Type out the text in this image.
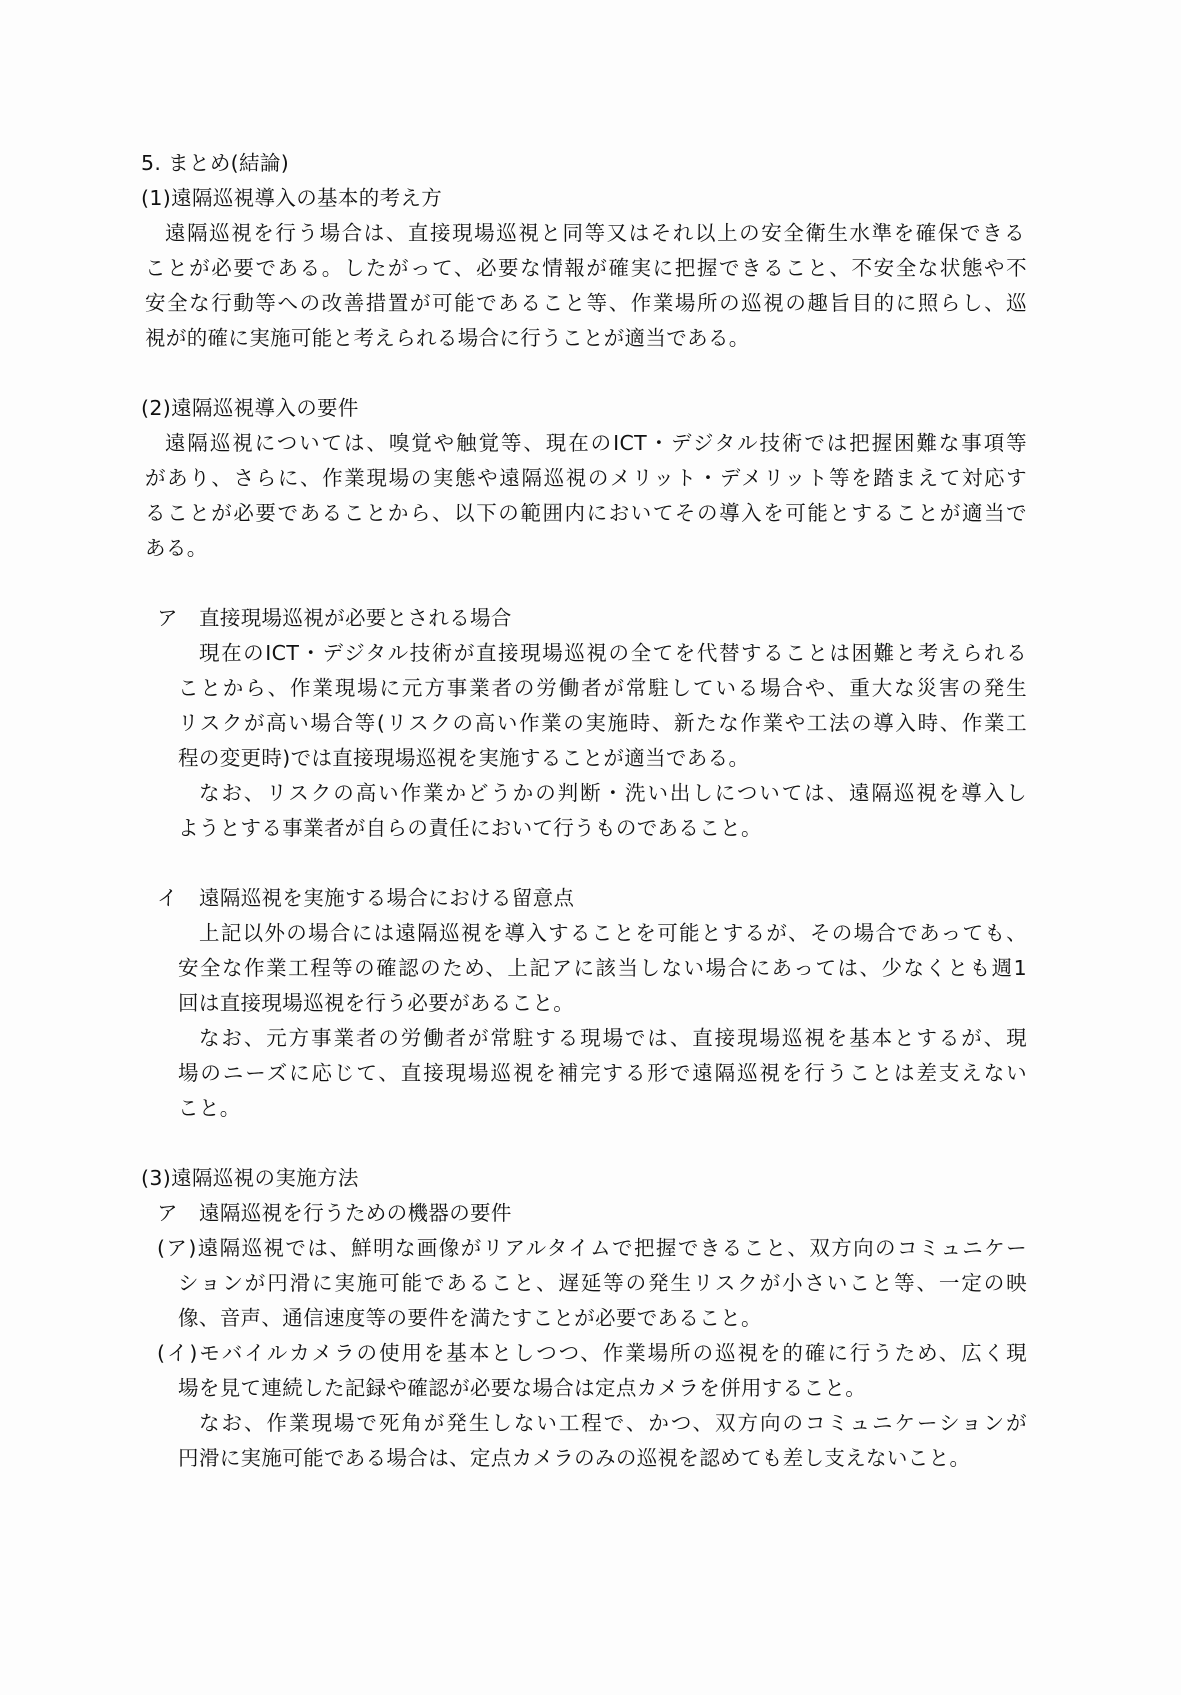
5. まとめ(結論)
(1)遠隔巡視導入の基本的考え方
遠隔巡視を行う場合は、直接現場巡視と同等又はそれ以上の安全衛生水準を確保できる
ことが必要である。したがって、必要な情報が確実に把握できること、不安全な状態や不
安全な行動等への改善措置が可能であること等、作業場所の巡視の趣旨目的に照らし、巡
視が的確に実施可能と考えられる場合に行うことが適当である。
(2)遠隔巡視導入の要件
遠隔巡視については、嗅覚や触覚等、現在のICT・デジタル技術では把握困難な事項等
があり、さらに、作業現場の実態や遠隔巡視のメリット・デメリット等を踏まえて対応す
ることが必要であることから、以下の範囲内においてその導入を可能とすることが適当で
ある。
ア 直接現場巡視が必要とされる場合
現在のICT・デジタル技術が直接現場巡視の全てを代替することは困難と考えられる
ことから、作業現場に元方事業者の労働者が常駐している場合や、重大な災害の発生
リスクが高い場合等(リスクの高い作業の実施時、新たな作業や工法の導入時、作業工
程の変更時)では直接現場巡視を実施することが適当である。
なお、リスクの高い作業かどうかの判断・洗い出しについては、遠隔巡視を導入し
ようとする事業者が自らの責任において行うものであること。
イ 遠隔巡視を実施する場合における留意点
上記以外の場合には遠隔巡視を導入することを可能とするが、その場合であっても、
安全な作業工程等の確認のため、上記アに該当しない場合にあっては、少なくとも週1
回は直接現場巡視を行う必要があること。
なお、元方事業者の労働者が常駐する現場では、直接現場巡視を基本とするが、現
場のニーズに応じて、直接現場巡視を補完する形で遠隔巡視を行うことは差支えない
こと。
(3)遠隔巡視の実施方法
ア 遠隔巡視を行うための機器の要件
(ア)遠隔巡視では、鮮明な画像がリアルタイムで把握できること、双方向のコミュニケー
ションが円滑に実施可能であること、遅延等の発生リスクが小さいこと等、一定の映
像、音声、通信速度等の要件を満たすことが必要であること。
(イ)モバイルカメラの使用を基本としつつ、作業場所の巡視を的確に行うため、広く現
場を見て連続した記録や確認が必要な場合は定点カメラを併用すること。
なお、作業現場で死角が発生しない工程で、かつ、双方向のコミュニケーションが
円滑に実施可能である場合は、定点カメラのみの巡視を認めても差し支えないこと。
